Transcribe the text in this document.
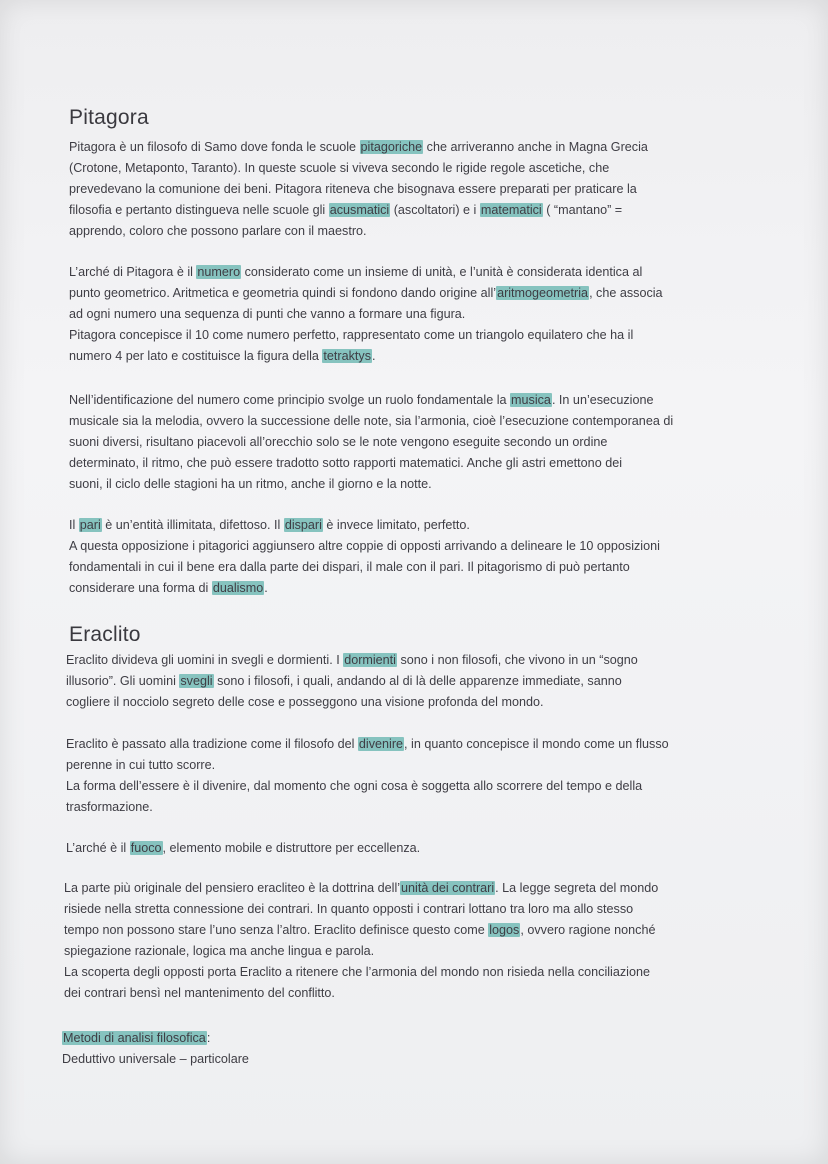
Pitagora
Pitagora è un filosofo di Samo dove fonda le scuole pitagoriche che arriveranno anche in Magna Grecia
(Crotone, Metaponto, Taranto). In queste scuole si viveva secondo le rigide regole ascetiche, che
prevedevano la comunione dei beni. Pitagora riteneva che bisognava essere preparati per praticare la
filosofia e pertanto distingueva nelle scuole gli acusmatici (ascoltatori) e i matematici ( “mantano” =
apprendo, coloro che possono parlare con il maestro.
L’arché di Pitagora è il numero considerato come un insieme di unità, e l’unità è considerata identica al
punto geometrico. Aritmetica e geometria quindi si fondono dando origine all’aritmogeometria, che associa
ad ogni numero una sequenza di punti che vanno a formare una figura.
Pitagora concepisce il 10 come numero perfetto, rappresentato come un triangolo equilatero che ha il
numero 4 per lato e costituisce la figura della tetraktys.
Nell’identificazione del numero come principio svolge un ruolo fondamentale la musica. In un’esecuzione
musicale sia la melodia, ovvero la successione delle note, sia l’armonia, cioè l’esecuzione contemporanea di
suoni diversi, risultano piacevoli all’orecchio solo se le note vengono eseguite secondo un ordine
determinato, il ritmo, che può essere tradotto sotto rapporti matematici. Anche gli astri emettono dei
suoni, il ciclo delle stagioni ha un ritmo, anche il giorno e la notte.
Il pari è un’entità illimitata, difettoso. Il dispari è invece limitato, perfetto.
A questa opposizione i pitagorici aggiunsero altre coppie di opposti arrivando a delineare le 10 opposizioni
fondamentali in cui il bene era dalla parte dei dispari, il male con il pari. Il pitagorismo di può pertanto
considerare una forma di dualismo.
Eraclito
Eraclito divideva gli uomini in svegli e dormienti. I dormienti sono i non filosofi, che vivono in un “sogno
illusorio”. Gli uomini svegli sono i filosofi, i quali, andando al di là delle apparenze immediate, sanno
cogliere il nocciolo segreto delle cose e posseggono una visione profonda del mondo.
Eraclito è passato alla tradizione come il filosofo del divenire, in quanto concepisce il mondo come un flusso
perenne in cui tutto scorre.
La forma dell’essere è il divenire, dal momento che ogni cosa è soggetta allo scorrere del tempo e della
trasformazione.
L’arché è il fuoco, elemento mobile e distruttore per eccellenza.
La parte più originale del pensiero eracliteo è la dottrina dell’unità dei contrari. La legge segreta del mondo
risiede nella stretta connessione dei contrari. In quanto opposti i contrari lottano tra loro ma allo stesso
tempo non possono stare l’uno senza l’altro. Eraclito definisce questo come logos, ovvero ragione nonché
spiegazione razionale, logica ma anche lingua e parola.
La scoperta degli opposti porta Eraclito a ritenere che l’armonia del mondo non risieda nella conciliazione
dei contrari bensì nel mantenimento del conflitto.
Metodi di analisi filosofica:
Deduttivo universale – particolare
